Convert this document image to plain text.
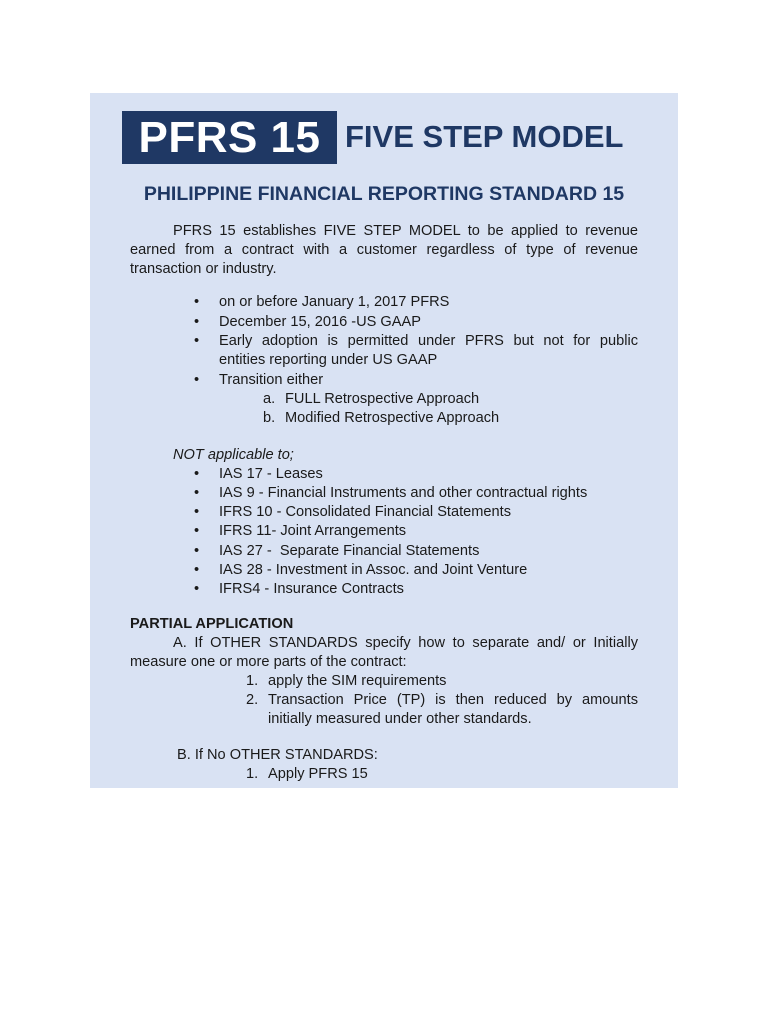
PFRS 15 FIVE STEP MODEL
PHILIPPINE FINANCIAL REPORTING STANDARD 15

PFRS 15 establishes FIVE STEP MODEL to be applied to revenue earned from a contract with a customer regardless of type of revenue transaction or industry.

• on or before January 1, 2017 PFRS
• December 15, 2016 -US GAAP
• Early adoption is permitted under PFRS but not for public entities reporting under US GAAP
• Transition either
a. FULL Retrospective Approach
b. Modified Retrospective Approach

NOT applicable to;

• IAS 17 - Leases
• IAS 9 - Financial Instruments and other contractual rights
• IFRS 10 - Consolidated Financial Statements
• IFRS 11- Joint Arrangements
• IAS 27 -  Separate Financial Statements
• IAS 28 - Investment in Assoc. and Joint Venture
• IFRS4 - Insurance Contracts

PARTIAL APPLICATION

A. If OTHER STANDARDS specify how to separate and/ or Initially measure one or more parts of the contract:

1. apply the SIM requirements
2. Transaction Price (TP) is then reduced by amounts initially measured under other standards.

B. If No OTHER STANDARDS:

1. Apply PFRS 15
